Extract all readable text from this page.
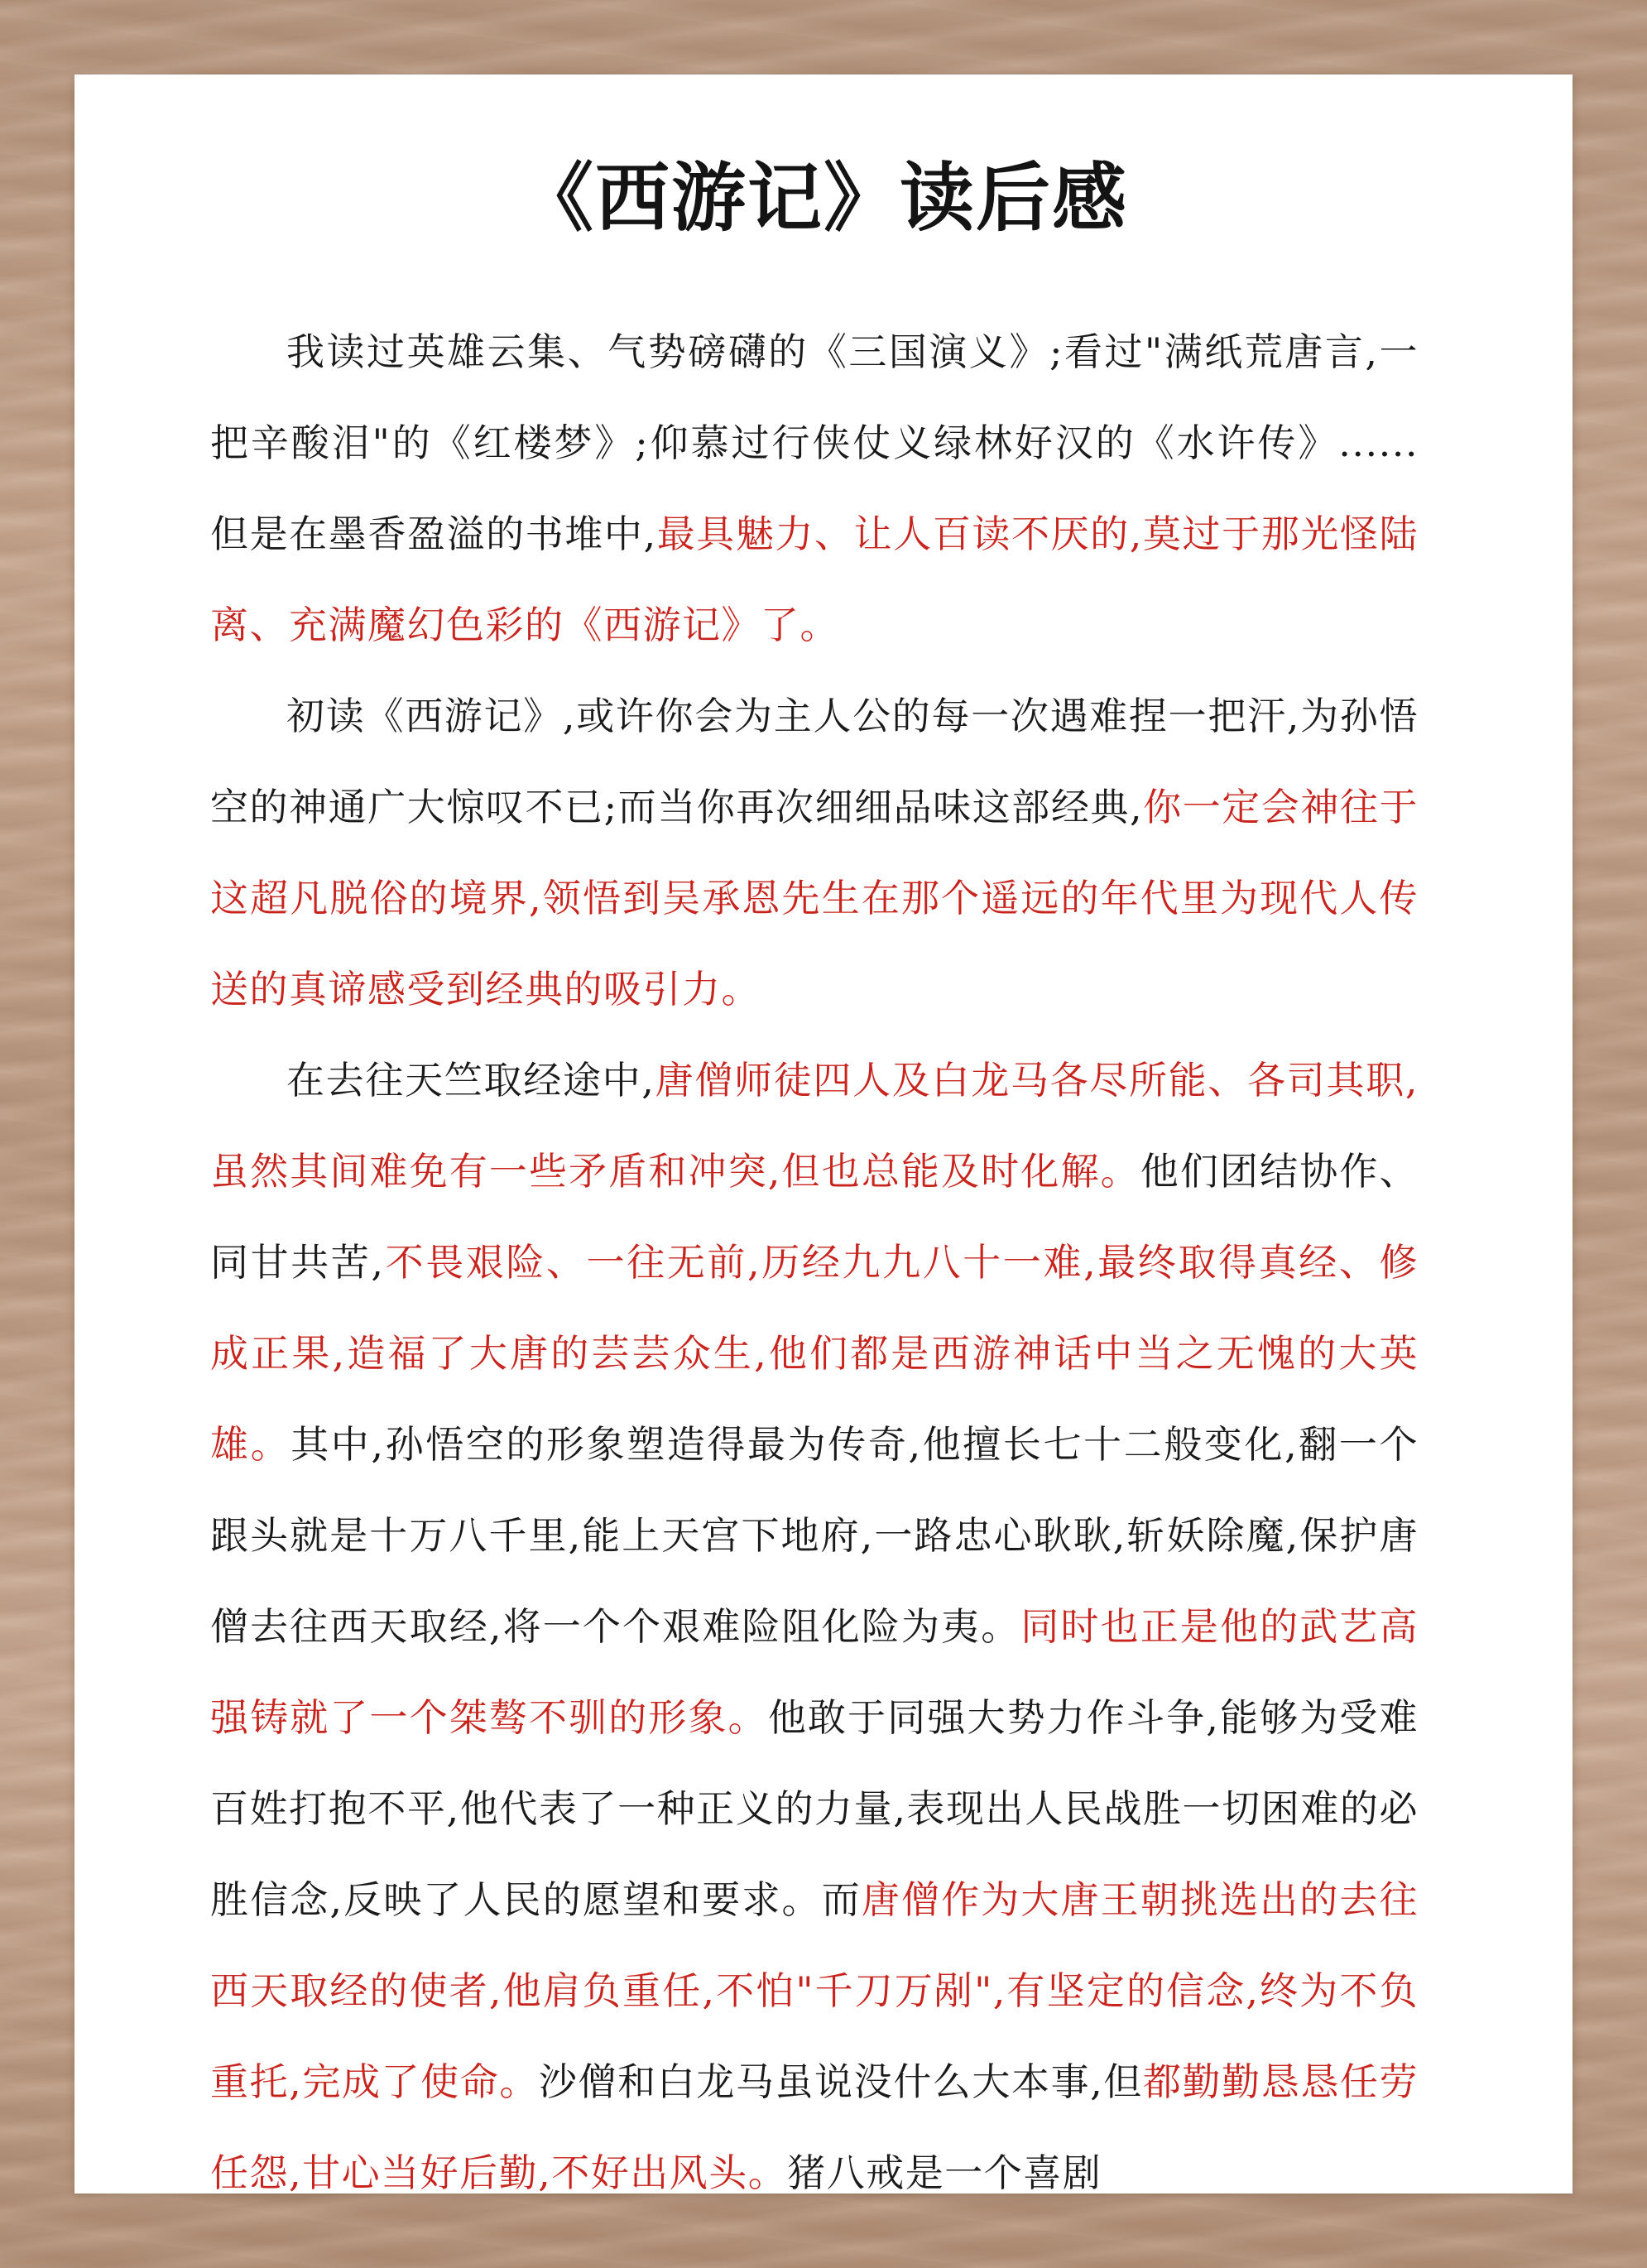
《西游记》读后感

我读过英雄云集、气势磅礴的《三国演义》;看过"满纸荒唐言,一把辛酸泪"的《红楼梦》;仰慕过行侠仗义绿林好汉的《水许传》......但是在墨香盈溢的书堆中,最具魅力、让人百读不厌的,莫过于那光怪陆离、充满魔幻色彩的《西游记》了。

初读《西游记》,或许你会为主人公的每一次遇难捏一把汗,为孙悟空的神通广大惊叹不已;而当你再次细细品味这部经典,你一定会神往于这超凡脱俗的境界,领悟到吴承恩先生在那个遥远的年代里为现代人传送的真谛感受到经典的吸引力。

在去往天竺取经途中,唐僧师徒四人及白龙马各尽所能、各司其职,虽然其间难免有一些矛盾和冲突,但也总能及时化解。他们团结协作、同甘共苦,不畏艰险、一往无前,历经九九八十一难,最终取得真经、修成正果,造福了大唐的芸芸众生,他们都是西游神话中当之无愧的大英雄。其中,孙悟空的形象塑造得最为传奇,他擅长七十二般变化,翻一个跟头就是十万八千里,能上天宫下地府,一路忠心耿耿,斩妖除魔,保护唐僧去往西天取经,将一个个艰难险阻化险为夷。同时也正是他的武艺高强铸就了一个桀骜不驯的形象。他敢于同强大势力作斗争,能够为受难百姓打抱不平,他代表了一种正义的力量,表现出人民战胜一切困难的必胜信念,反映了人民的愿望和要求。而唐僧作为大唐王朝挑选出的去往西天取经的使者,他肩负重任,不怕"千刀万剐",有坚定的信念,终为不负重托,完成了使命。沙僧和白龙马虽说没什么大本事,但都勤勤恳恳任劳任怨,甘心当好后勤,不好出风头。猪八戒是一个喜剧
